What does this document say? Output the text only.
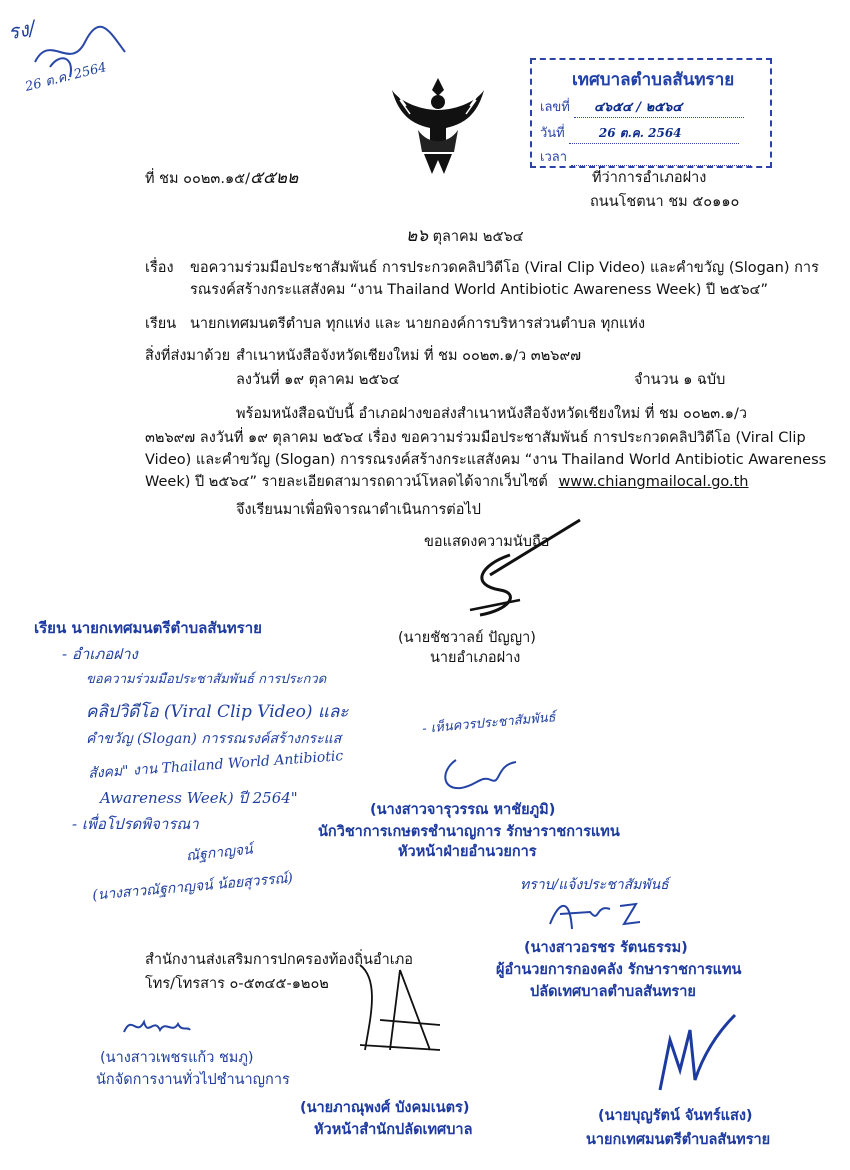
รง/
26 ต.ค. 2564	เทศบาลตำบลสันทราย
เลขที่ ๔๖๕๔ / ๒๕๖๔
วันที่	26 ต.ค. 2564
เวลา
ที่ ชม ๐๐๒๓.๑๕/๕๕๒๒	ที่ว่าการอำเภอฝาง
ถนนโชตนา ชม ๕๐๑๑๐
๒๖ ตุลาคม ๒๕๖๔
เรื่อง ขอความร่วมมือประชาสัมพันธ์ การประกวดคลิปวิดีโอ (Viral Clip Video) และคำขวัญ (Slogan) การ
รณรงค์สร้างกระแสสังคม “งาน Thailand World Antibiotic Awareness Week) ปี ๒๕๖๔”
เรียน นายกเทศมนตรีตำบล ทุกแห่ง และ นายกองค์การบริหารส่วนตำบล ทุกแห่ง
สิ่งที่ส่งมาด้วย สำเนาหนังสือจังหวัดเชียงใหม่ ที่ ชม ๐๐๒๓.๑/ว ๓๒๖๙๗
ลงวันที่ ๑๙ ตุลาคม ๒๕๖๔	จำนวน ๑ ฉบับ
พร้อมหนังสือฉบับนี้ อำเภอฝางขอส่งสำเนาหนังสือจังหวัดเชียงใหม่ ที่ ชม ๐๐๒๓.๑/ว
๓๒๖๙๗ ลงวันที่ ๑๙ ตุลาคม ๒๕๖๔ เรื่อง ขอความร่วมมือประชาสัมพันธ์ การประกวดคลิปวิดีโอ (Viral Clip
Video) และคำขวัญ (Slogan) การรณรงค์สร้างกระแสสังคม “งาน Thailand World Antibiotic Awareness
Week) ปี ๒๕๖๔” รายละเอียดสามารถดาวน์โหลดได้จากเว็บไซต์ www.chiangmailocal.go.th
จึงเรียนมาเพื่อพิจารณาดำเนินการต่อไป
ขอแสดงความนับถือ
(นายชัชวาลย์ ปัญญา)
นายอำเภอฝาง
เรียน นายกเทศมนตรีตำบลสันทราย
- อำเภอฝาง
ขอความร่วมมือประชาสัมพันธ์ การประกวด
คลิปวิดีโอ (Viral Clip Video) และ
คำขวัญ (Slogan) การรณรงค์สร้างกระแส
สังคม" งาน Thailand World Antibiotic
Awareness Week) ปี 2564"
- เพื่อโปรดพิจารณา
ณัฐกาญจน์
(นางสาวณัฐกาญจน์ น้อยสุวรรณ์)
- เห็นควรประชาสัมพันธ์
(นางสาวจารุวรรณ หาชัยภูมิ)
นักวิชาการเกษตรชำนาญการ รักษาราชการแทน
หัวหน้าฝ่ายอำนวยการ
ทราบ/แจ้งประชาสัมพันธ์
(นางสาวอรชร รัตนธรรม)
ผู้อำนวยการกองคลัง รักษาราชการแทน
ปลัดเทศบาลตำบลสันทราย
สำนักงานส่งเสริมการปกครองท้องถิ่นอำเภอ
โทร/โทรสาร ๐-๕๓๔๕-๑๒๐๒
(นางสาวเพชรแก้ว ชมภู)
นักจัดการงานทั่วไปชำนาญการ
(นายภาณุพงศ์ บังคมเนตร)
หัวหน้าสำนักปลัดเทศบาล
(นายบุญรัตน์ จันทร์แสง)
นายกเทศมนตรีตำบลสันทราย
